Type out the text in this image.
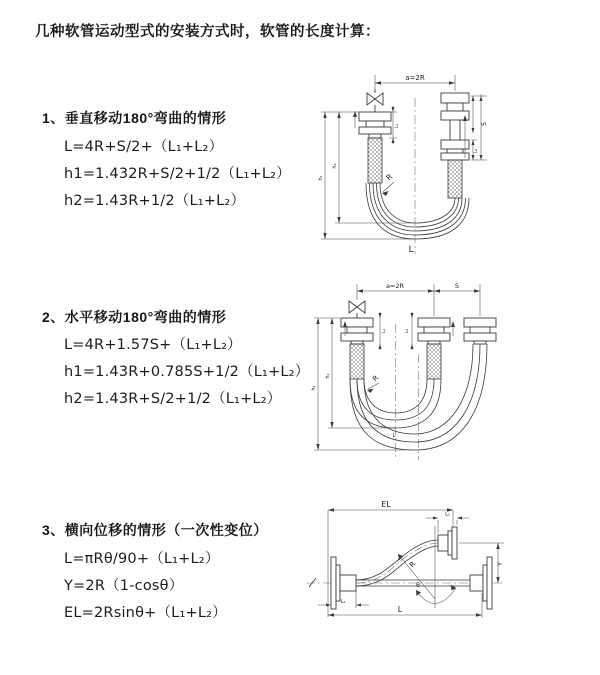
几种软管运动型式的安装方式时，软管的长度计算：
1、垂直移动180°弯曲的情形
L=4R+S/2+（L₁+L₂）
h1=1.432R+S/2+1/2（L₁+L₂）
h2=1.43R+1/2（L₁+L₂）
2、水平移动180°弯曲的情形
L=4R+1.57S+（L₁+L₂）
h1=1.43R+0.785S+1/2（L₁+L₂）
h2=1.43R+S/2+1/2（L₁+L₂）
3、横向位移的情形（一次性变位）
L=πRθ/90+（L₁+L₂）
Y=2R（1-cosθ）
EL=2Rsinθ+（L₁+L₂）
a=2R
h₁
h₂
L₁	S
L₂
R
L
a=2R	S
h₁
h₂
L₁	L₂
R
L
θ
R
EL
L₁
Y
L
L₁
